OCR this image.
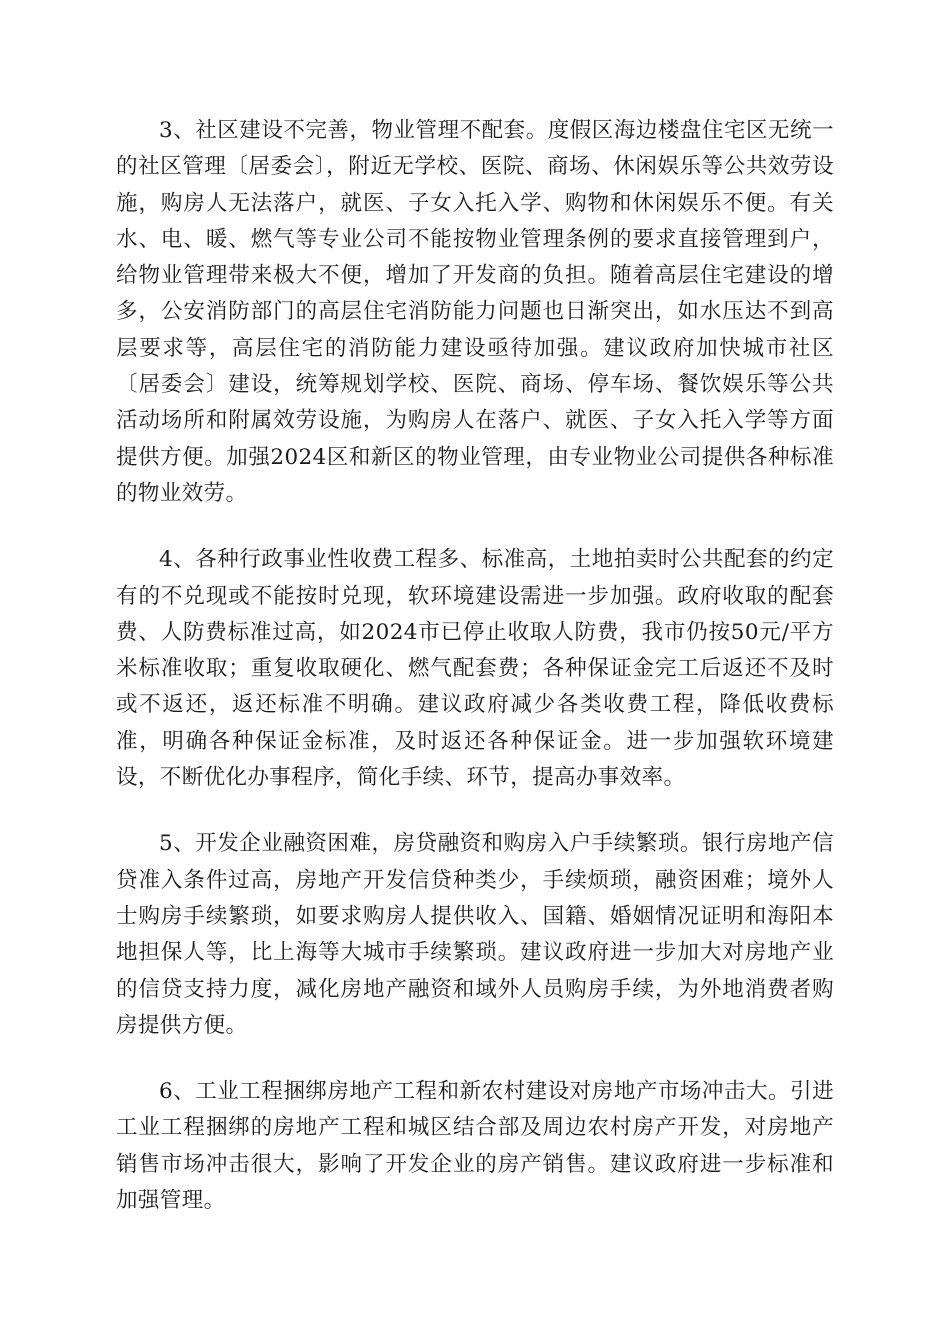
3、社区建设不完善，物业管理不配套。度假区海边楼盘住宅区无统一的社区管理〔居委会〕，附近无学校、医院、商场、休闲娱乐等公共效劳设施，购房人无法落户，就医、子女入托入学、购物和休闲娱乐不便。有关水、电、暖、燃气等专业公司不能按物业管理条例的要求直接管理到户，给物业管理带来极大不便，增加了开发商的负担。随着高层住宅建设的增多，公安消防部门的高层住宅消防能力问题也日渐突出，如水压达不到高层要求等，高层住宅的消防能力建设亟待加强。建议政府加快城市社区〔居委会〕建设，统筹规划学校、医院、商场、停车场、餐饮娱乐等公共活动场所和附属效劳设施，为购房人在落户、就医、子女入托入学等方面提供方便。加强2024区和新区的物业管理，由专业物业公司提供各种标准的物业效劳。

4、各种行政事业性收费工程多、标准高，土地拍卖时公共配套的约定有的不兑现或不能按时兑现，软环境建设需进一步加强。政府收取的配套费、人防费标准过高，如2024市已停止收取人防费，我市仍按50元/平方米标准收取；重复收取硬化、燃气配套费；各种保证金完工后返还不及时或不返还，返还标准不明确。建议政府减少各类收费工程，降低收费标准，明确各种保证金标准，及时返还各种保证金。进一步加强软环境建设，不断优化办事程序，简化手续、环节，提高办事效率。

5、开发企业融资困难，房贷融资和购房入户手续繁琐。银行房地产信贷准入条件过高，房地产开发信贷种类少，手续烦琐，融资困难；境外人士购房手续繁琐，如要求购房人提供收入、国籍、婚姻情况证明和海阳本地担保人等，比上海等大城市手续繁琐。建议政府进一步加大对房地产业的信贷支持力度，减化房地产融资和域外人员购房手续，为外地消费者购房提供方便。

6、工业工程捆绑房地产工程和新农村建设对房地产市场冲击大。引进工业工程捆绑的房地产工程和城区结合部及周边农村房产开发，对房地产销售市场冲击很大，影响了开发企业的房产销售。建议政府进一步标准和加强管理。
